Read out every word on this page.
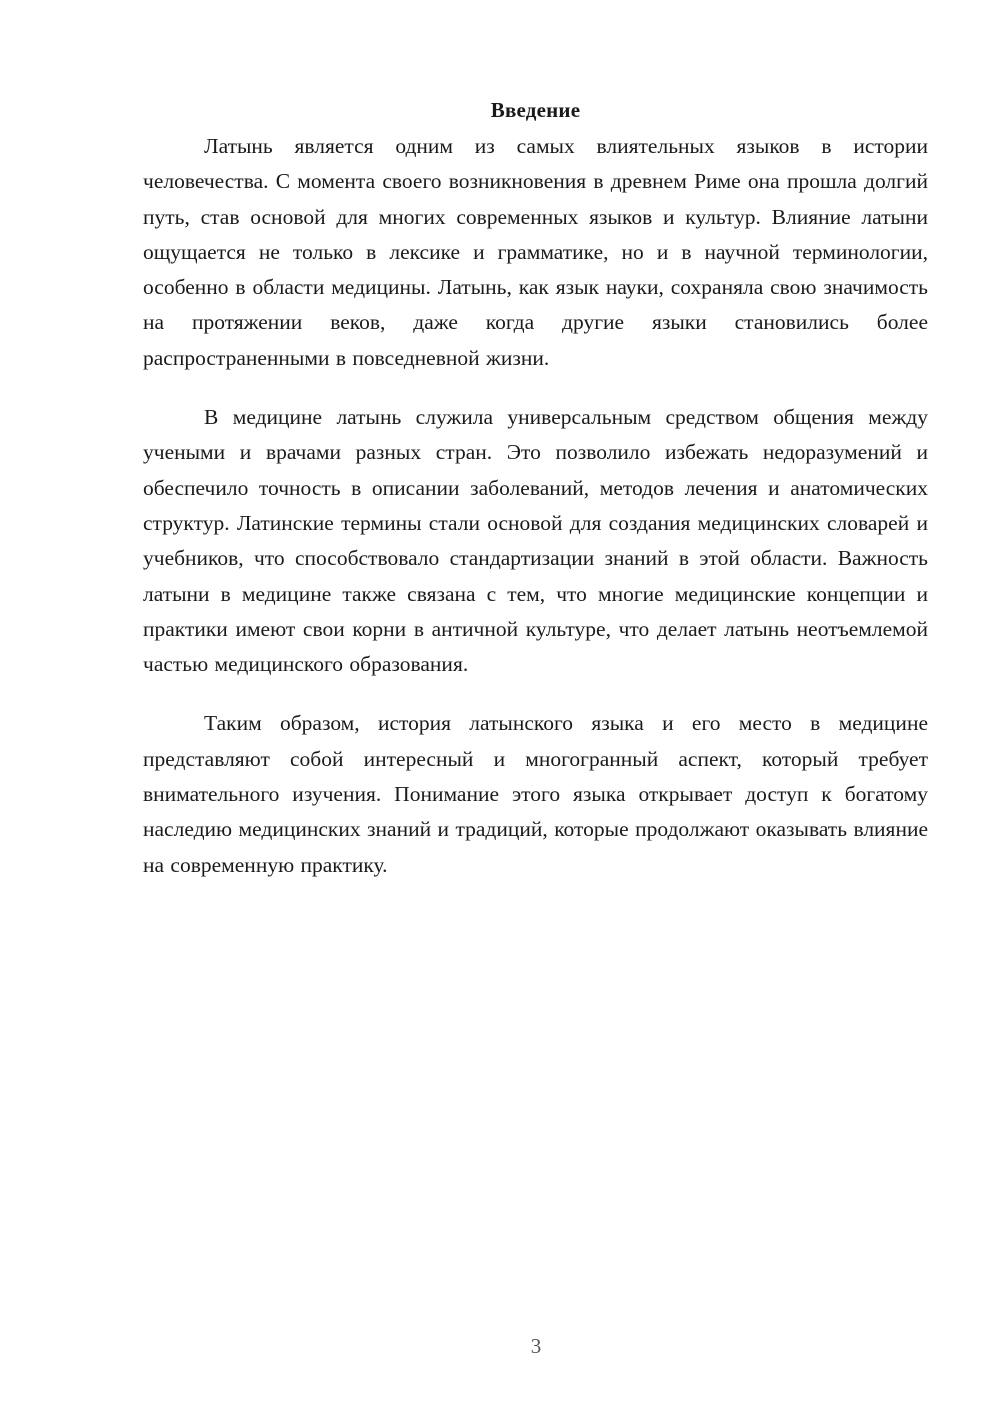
Введение

Латынь является одним из самых влиятельных языков в истории человечества. С момента своего возникновения в древнем Риме она прошла долгий путь, став основой для многих современных языков и культур. Влияние латыни ощущается не только в лексике и грамматике, но и в научной терминологии, особенно в области медицины. Латынь, как язык науки, сохраняла свою значимость на протяжении веков, даже когда другие языки становились более распространенными в повседневной жизни.

В медицине латынь служила универсальным средством общения между учеными и врачами разных стран. Это позволило избежать недоразумений и обеспечило точность в описании заболеваний, методов лечения и анатомических структур. Латинские термины стали основой для создания медицинских словарей и учебников, что способствовало стандартизации знаний в этой области. Важность латыни в медицине также связана с тем, что многие медицинские концепции и практики имеют свои корни в античной культуре, что делает латынь неотъемлемой частью медицинского образования.

Таким образом, история латынского языка и его место в медицине представляют собой интересный и многогранный аспект, который требует внимательного изучения. Понимание этого языка открывает доступ к богатому наследию медицинских знаний и традиций, которые продолжают оказывать влияние на современную практику.

3
